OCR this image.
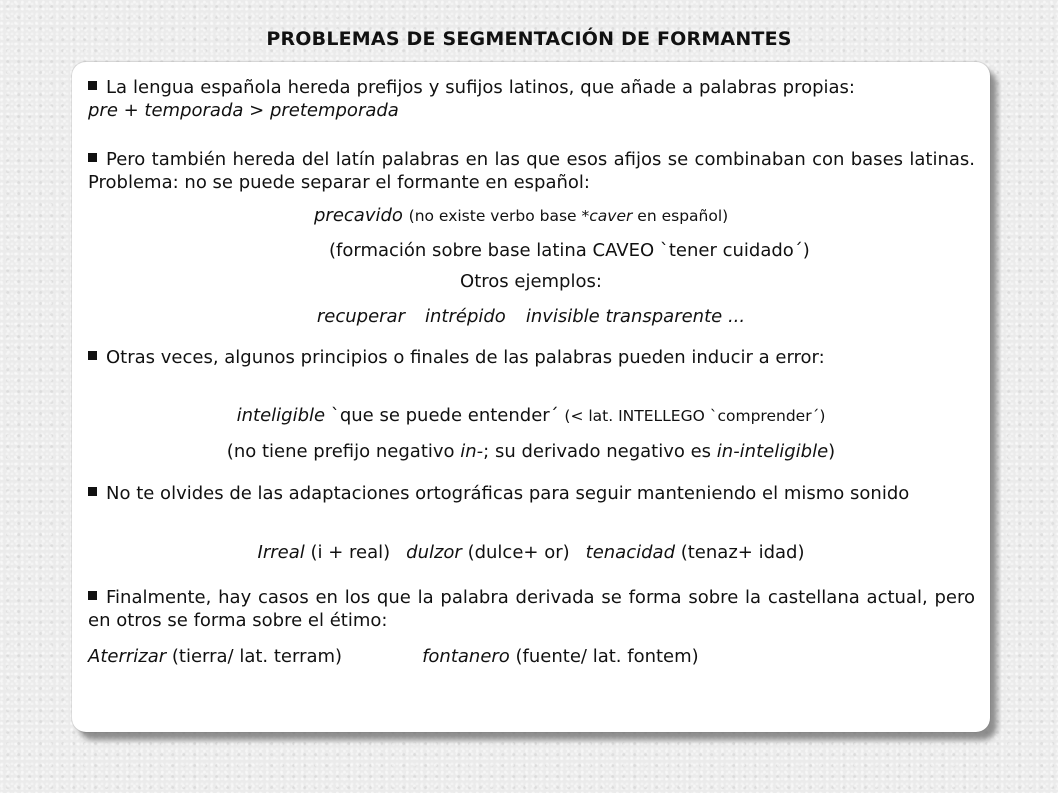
PROBLEMAS DE SEGMENTACIÓN DE FORMANTES
La lengua española hereda prefijos y sufijos latinos, que añade a palabras propias:pre + temporada > pretemporada
Pero también hereda del latín palabras en las que esos afijos se combinaban con bases latinas. Problema: no se puede separar el formante en español:
precavido (no existe verbo base *caver en español)
(formación sobre base latina CAVEO `tener cuidado´)
Otros ejemplos:
recuperar intrépido invisible transparente ...
Otras veces, algunos principios o finales de las palabras pueden inducir a error:
inteligible `que se puede entender´ (< lat. INTELLEGO `comprender´)
(no tiene prefijo negativo in-; su derivado negativo es in-inteligible)
No te olvides de las adaptaciones ortográficas para seguir manteniendo el mismo sonido
Irreal (i + real) dulzor (dulce+ or) tenacidad (tenaz+ idad)
Finalmente, hay casos en los que la palabra derivada se forma sobre la castellana actual, pero en otros se forma sobre el étimo:
Aterrizar (tierra/ lat. terram)	fontanero (fuente/ lat. fontem)
